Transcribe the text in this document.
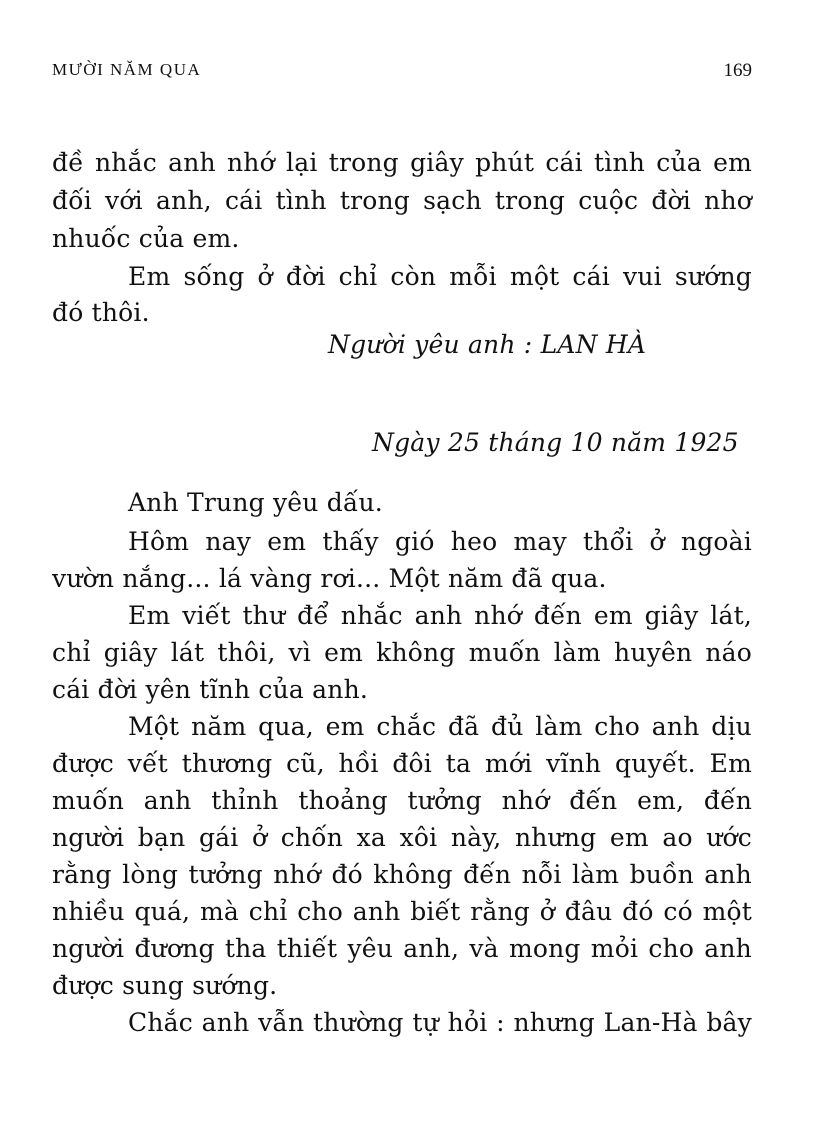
MƯỜI NĂM QUA	169
đề nhắc anh nhớ lại trong giây phút cái tình của em
đối với anh, cái tình trong sạch trong cuộc đời nhơ
nhuốc của em.
Em sống ở đời chỉ còn mỗi một cái vui sướng
đó thôi.
Người yêu anh : LAN HÀ
Ngày 25 tháng 10 năm 1925
Anh Trung yêu dấu.
Hôm nay em thấy gió heo may thổi ở ngoài
vườn nắng... lá vàng rơi... Một năm đã qua.
Em viết thư để nhắc anh nhớ đến em giây lát,
chỉ giây lát thôi, vì em không muốn làm huyên náo
cái đời yên tĩnh của anh.
Một năm qua, em chắc đã đủ làm cho anh dịu
được vết thương cũ, hồi đôi ta mới vĩnh quyết. Em
muốn anh thỉnh thoảng tưởng nhớ đến em, đến
người bạn gái ở chốn xa xôi này, nhưng em ao ước
rằng lòng tưởng nhớ đó không đến nỗi làm buồn anh
nhiều quá, mà chỉ cho anh biết rằng ở đâu đó có một
người đương tha thiết yêu anh, và mong mỏi cho anh
được sung sướng.
Chắc anh vẫn thường tự hỏi : nhưng Lan-Hà bây
